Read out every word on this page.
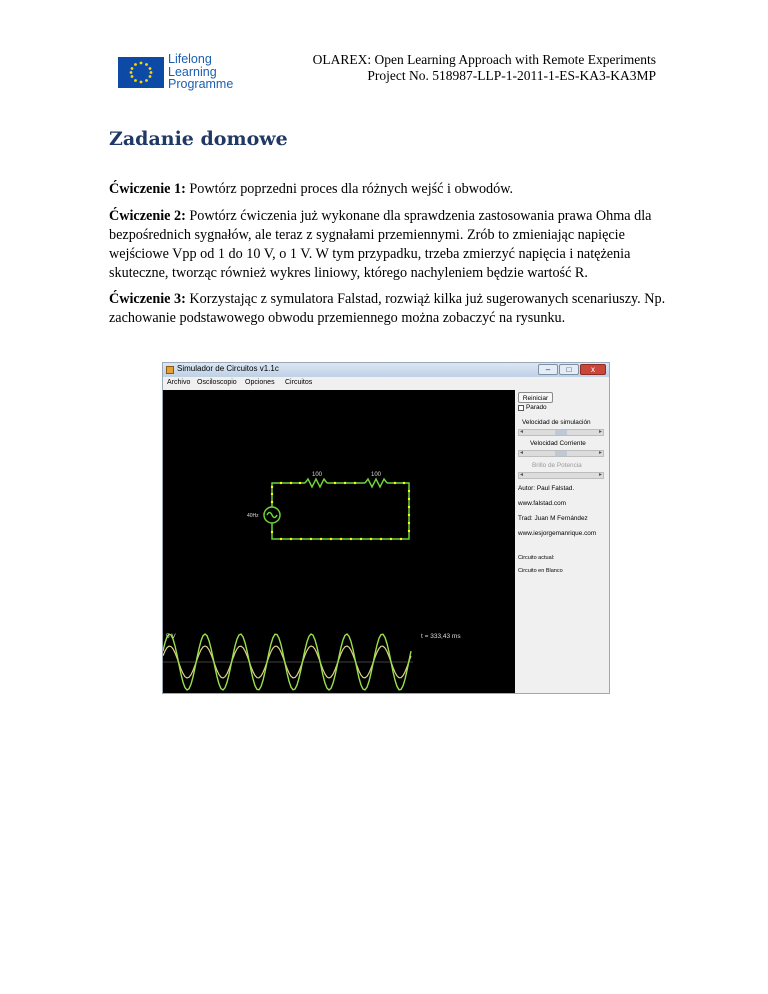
Lifelong
Learning
Programme
OLAREX: Open Learning Approach with Remote Experiments
Project No. 518987-LLP-1-2011-1-ES-KA3-KA3MP
Zadanie domowe

Ćwiczenie 1: Powtórz poprzedni proces dla różnych wejść i obwodów.

Ćwiczenie 2: Powtórz ćwiczenia już wykonane dla sprawdzenia zastosowania prawa Ohma dla bezpośrednich sygnałów, ale teraz z sygnałami przemiennymi. Zrób to zmieniając napięcie wejściowe Vpp od 1 do 10 V, o 1 V. W tym przypadku, trzeba zmierzyć napięcia i natężenia skuteczne, tworząc również wykres liniowy, którego nachyleniem będzie wartość R.

Ćwiczenie 3: Korzystając z symulatora Falstad, rozwiąż kilka już sugerowanych scenariuszy. Np. zachowanie podstawowego obwodu przemiennego można zobaczyć na rysunku.

Simulador de Circuitos v1.1c	–	□	x
Archivo Osciloscopio Opciones Circuitos
100	100
40Hz
5 V	t = 333,43 ms
Reiniciar
Parado
Velocidad de simulación
◂	▸
Velocidad Corriente
◂	▸
Brillo de Potencia
◂	▸
Autor: Paul Falstad.
www.falstad.com
Trad: Juan M Fernández
www.iesjorgemanrique.com
Circuito actual:
Circuito en Blanco
